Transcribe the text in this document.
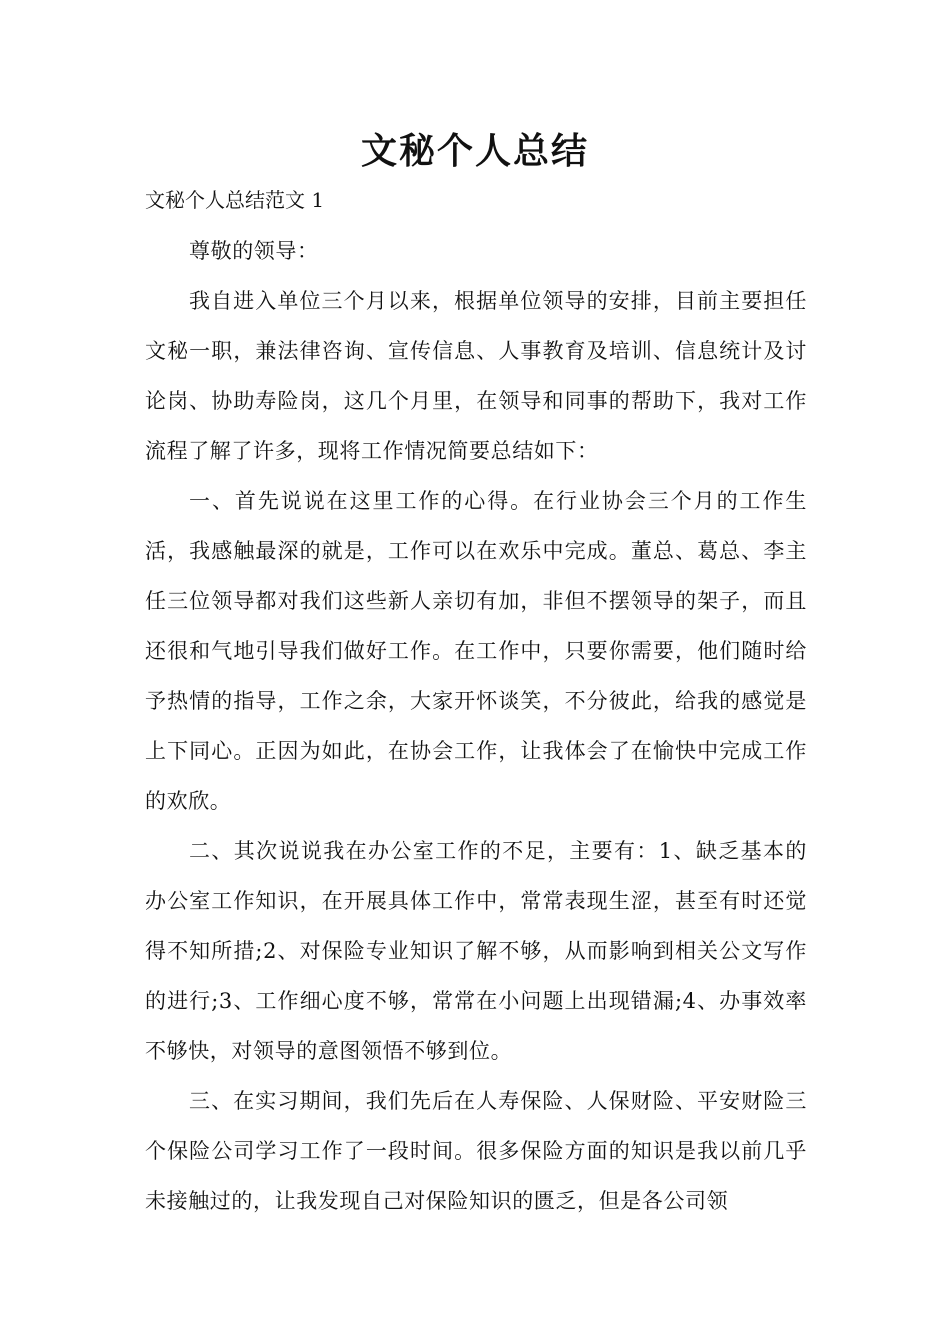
文秘个人总结
文秘个人总结范文 1

尊敬的领导：

我自进入单位三个月以来，根据单位领导的安排，目前主要担任文秘一职，兼法律咨询、宣传信息、人事教育及培训、信息统计及讨论岗、协助寿险岗，这几个月里，在领导和同事的帮助下，我对工作流程了解了许多，现将工作情况简要总结如下：

一、首先说说在这里工作的心得。在行业协会三个月的工作生活，我感触最深的就是，工作可以在欢乐中完成。董总、葛总、李主任三位领导都对我们这些新人亲切有加，非但不摆领导的架子，而且还很和气地引导我们做好工作。在工作中，只要你需要，他们随时给予热情的指导，工作之余，大家开怀谈笑，不分彼此，给我的感觉是上下同心。正因为如此，在协会工作，让我体会了在愉快中完成工作的欢欣。

二、其次说说我在办公室工作的不足，主要有：1、缺乏基本的办公室工作知识，在开展具体工作中，常常表现生涩，甚至有时还觉得不知所措;2、对保险专业知识了解不够，从而影响到相关公文写作的进行;3、工作细心度不够，常常在小问题上出现错漏;4、办事效率不够快，对领导的意图领悟不够到位。

三、在实习期间，我们先后在人寿保险、人保财险、平安财险三个保险公司学习工作了一段时间。很多保险方面的知识是我以前几乎未接触过的，让我发现自己对保险知识的匮乏，但是各公司领
